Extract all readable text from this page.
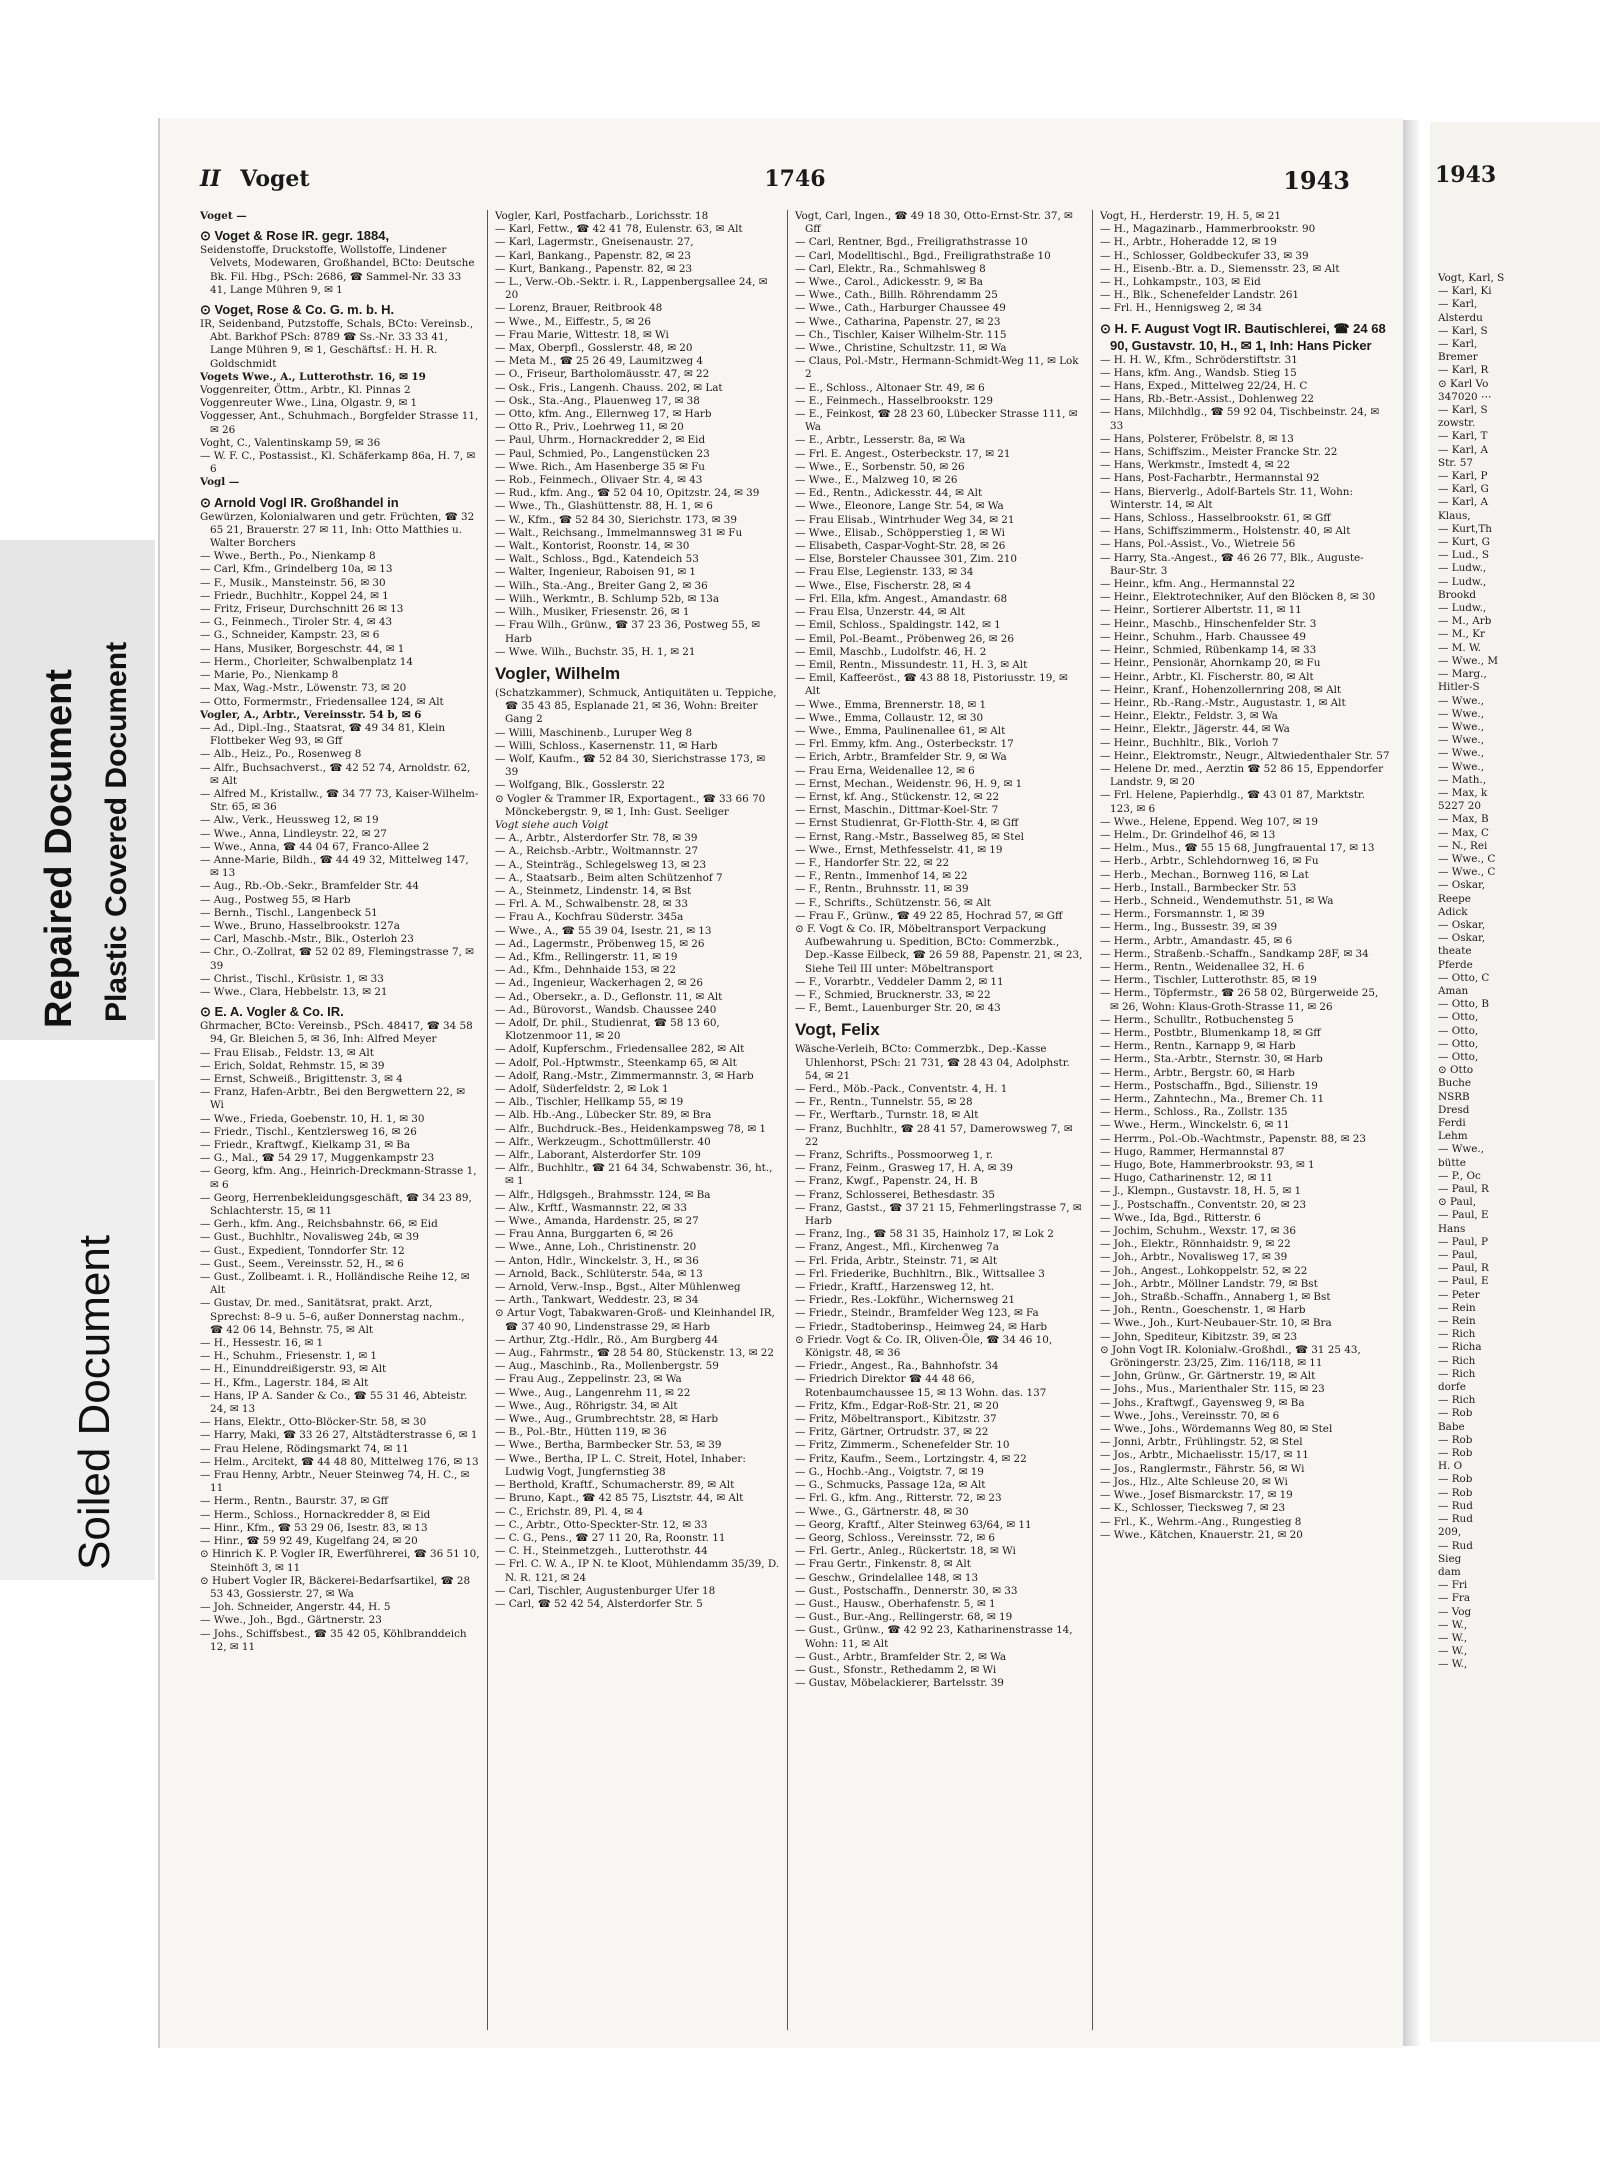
Repaired Document Plastic Covered Document
Soiled Document
II Voget	1746	1943
Voget —
⊙ Voget & Rose IR. gegr. 1884,
Seidenstoffe, Druckstoffe, Wollstoffe, Lindener Velvets, Modewaren, Großhandel, BCto: Deutsche Bk. Fil. Hbg., PSch: 2686, ☎ Sammel-Nr. 33 33 41, Lange Mühren 9, ✉ 1
⊙ Voget, Rose & Co. G. m. b. H.
IR, Seidenband, Putzstoffe, Schals, BCto: Vereinsb., Abt. Barkhof PSch: 8789 ☎ Ss.-Nr. 33 33 41, Lange Mühren 9, ✉ 1, Geschäftsf.: H. H. R. Goldschmidt
Vogets Wwe., A., Lutterothstr. 16, ✉ 19
Voggenreiter, Öttm., Arbtr., Kl. Pinnas 2
Voggenreuter Wwe., Lina, Olgastr. 9, ✉ 1
Voggesser, Ant., Schuhmach., Borgfelder Strasse 11, ✉ 26
Voght, C., Valentinskamp 59, ✉ 36
— W. F. C., Postassist., Kl. Schäferkamp 86a, H. 7, ✉ 6
Vogl —
⊙ Arnold Vogl IR. Großhandel in
Gewürzen, Kolonialwaren und getr. Früchten, ☎ 32 65 21, Brauerstr. 27 ✉ 11, Inh: Otto Matthies u. Walter Borchers
— Wwe., Berth., Po., Nienkamp 8
— Carl, Kfm., Grindelberg 10a, ✉ 13
— F., Musik., Mansteinstr. 56, ✉ 30
— Friedr., Buchhltr., Koppel 24, ✉ 1
— Fritz, Friseur, Durchschnitt 26 ✉ 13
— G., Feinmech., Tiroler Str. 4, ✉ 43
— G., Schneider, Kampstr. 23, ✉ 6
— Hans, Musiker, Borgeschstr. 44, ✉ 1
— Herm., Chorleiter, Schwalbenplatz 14
— Marie, Po., Nienkamp 8
— Max, Wag.-Mstr., Löwenstr. 73, ✉ 20
— Otto, Formermstr., Friedensallee 124, ✉ Alt
Vogler, A., Arbtr., Vereinsstr. 54 b, ✉ 6
— Ad., Dipl.-Ing., Staatsrat, ☎ 49 34 81, Klein Flottbeker Weg 93, ✉ Gff
— Alb., Heiz., Po., Rosenweg 8
— Alfr., Buchsachverst., ☎ 42 52 74, Arnoldstr. 62, ✉ Alt
— Alfred M., Kristallw., ☎ 34 77 73, Kaiser-Wilhelm-Str. 65, ✉ 36
— Alw., Verk., Heussweg 12, ✉ 19
— Wwe., Anna, Lindleystr. 22, ✉ 27
— Wwe., Anna, ☎ 44 04 67, Franco-Allee 2
— Anne-Marie, Bildh., ☎ 44 49 32, Mittelweg 147, ✉ 13
— Aug., Rb.-Ob.-Sekr., Bramfelder Str. 44
— Aug., Postweg 55, ✉ Harb
— Bernh., Tischl., Langenbeck 51
— Wwe., Bruno, Hasselbrookstr. 127a
— Carl, Maschb.-Mstr., Blk., Osterloh 23
— Chr., O.-Zollrat, ☎ 52 02 89, Flemingstrasse 7, ✉ 39
— Christ., Tischl., Krüsistr. 1, ✉ 33
— Wwe., Clara, Hebbelstr. 13, ✉ 21
⊙ E. A. Vogler & Co. IR.
Ghrmacher, BCto: Vereinsb., PSch. 48417, ☎ 34 58 94, Gr. Bleichen 5, ✉ 36, Inh: Alfred Meyer
— Frau Elisab., Feldstr. 13, ✉ Alt
— Erich, Soldat, Rehmstr. 15, ✉ 39
— Ernst, Schweiß., Brigittenstr. 3, ✉ 4
— Franz, Hafen-Arbtr., Bei den Bergwettern 22, ✉ Wi
— Wwe., Frieda, Goebenstr. 10, H. 1, ✉ 30
— Friedr., Tischl., Kentzlersweg 16, ✉ 26
— Friedr., Kraftwgf., Kielkamp 31, ✉ Ba
— G., Mal., ☎ 54 29 17, Muggenkampstr 23
— Georg, kfm. Ang., Heinrich-Dreckmann-Strasse 1, ✉ 6
— Georg, Herrenbekleidungsgeschäft, ☎ 34 23 89, Schlachterstr. 15, ✉ 11
— Gerh., kfm. Ang., Reichsbahnstr. 66, ✉ Eid
— Gust., Buchhltr., Novalisweg 24b, ✉ 39
— Gust., Expedient, Tonndorfer Str. 12
— Gust., Seem., Vereinsstr. 52, H., ✉ 6
— Gust., Zollbeamt. i. R., Holländische Reihe 12, ✉ Alt
— Gustav, Dr. med., Sanitätsrat, prakt. Arzt, Sprechst: 8–9 u. 5–6, außer Donnerstag nachm., ☎ 42 06 14, Behnstr. 75, ✉ Alt
— H., Hessestr. 16, ✉ 1
— H., Schuhm., Friesenstr. 1, ✉ 1
— H., Einunddreißigerstr. 93, ✉ Alt
— H., Kfm., Lagerstr. 184, ✉ Alt
— Hans, IP A. Sander & Co., ☎ 55 31 46, Abteistr. 24, ✉ 13
— Hans, Elektr., Otto-Blöcker-Str. 58, ✉ 30
— Harry, Maki, ☎ 33 26 27, Altstädterstrasse 6, ✉ 1
— Frau Helene, Rödingsmarkt 74, ✉ 11
— Helm., Arcitekt, ☎ 44 48 80, Mittelweg 176, ✉ 13
— Frau Henny, Arbtr., Neuer Steinweg 74, H. C., ✉ 11
— Herm., Rentn., Baurstr. 37, ✉ Gff
— Herm., Schloss., Hornackredder 8, ✉ Eid
— Hinr., Kfm., ☎ 53 29 06, Isestr. 83, ✉ 13
— Hinr., ☎ 59 92 49, Kugelfang 24, ✉ 20
⊙ Hinrich K. P. Vogler IR, Ewerführerei, ☎ 36 51 10, Steinhöft 3, ✉ 11
⊙ Hubert Vogler IR, Bäckerei-Bedarfsartikel, ☎ 28 53 43, Gossierstr. 27, ✉ Wa
— Joh. Schneider, Angerstr. 44, H. 5
— Wwe., Joh., Bgd., Gärtnerstr. 23
— Johs., Schiffsbest., ☎ 35 42 05, Köhlbranddeich 12, ✉ 11
Vogler, Karl, Postfacharb., Lorichsstr. 18
— Karl, Fettw., ☎ 42 41 78, Eulenstr. 63, ✉ Alt
— Karl, Lagermstr., Gneisenaustr. 27,
— Karl, Bankang., Papenstr. 82, ✉ 23
— Kurt, Bankang., Papenstr. 82, ✉ 23
— L., Verw.-Ob.-Sektr. i. R., Lappenbergsallee 24, ✉ 20
— Lorenz, Brauer, Reitbrook 48
— Wwe., M., Eiffestr., 5, ✉ 26
— Frau Marie, Wittestr. 18, ✉ Wi
— Max, Oberpfl., Gosslerstr. 48, ✉ 20
— Meta M., ☎ 25 26 49, Laumitzweg 4
— O., Friseur, Bartholomäusstr. 47, ✉ 22
— Osk., Fris., Langenh. Chauss. 202, ✉ Lat
— Osk., Sta.-Ang., Plauenweg 17, ✉ 38
— Otto, kfm. Ang., Ellernweg 17, ✉ Harb
— Otto R., Priv., Loehrweg 11, ✉ 20
— Paul, Uhrm., Hornackredder 2, ✉ Eid
— Paul, Schmied, Po., Langenstücken 23
— Wwe. Rich., Am Hasenberge 35 ✉ Fu
— Rob., Feinmech., Olivaer Str. 4, ✉ 43
— Rud., kfm. Ang., ☎ 52 04 10, Opitzstr. 24, ✉ 39
— Wwe., Th., Glashüttenstr. 88, H. 1, ✉ 6
— W., Kfm., ☎ 52 84 30, Sierichstr. 173, ✉ 39
— Walt., Reichsang., Immelmannsweg 31 ✉ Fu
— Walt., Kontorist, Roonstr. 14, ✉ 30
— Walt., Schloss., Bgd., Katendeich 53
— Walter, Ingenieur, Raboisen 91, ✉ 1
— Wilh., Sta.-Ang., Breiter Gang 2, ✉ 36
— Wilh., Werkmtr., B. Schlump 52b, ✉ 13a
— Wilh., Musiker, Friesenstr. 26, ✉ 1
— Frau Wilh., Grünw., ☎ 37 23 36, Postweg 55, ✉ Harb
— Wwe. Wilh., Buchstr. 35, H. 1, ✉ 21
Vogler, Wilhelm
(Schatzkammer), Schmuck, Antiquitäten u. Teppiche, ☎ 35 43 85, Esplanade 21, ✉ 36, Wohn: Breiter Gang 2
— Willi, Maschinenb., Luruper Weg 8
— Willi, Schloss., Kasernenstr. 11, ✉ Harb
— Wolf, Kaufm., ☎ 52 84 30, Sierichstrasse 173, ✉ 39
— Wolfgang, Blk., Gosslerstr. 22
⊙ Vogler & Trammer IR, Exportagent., ☎ 33 66 70 Mönckebergstr. 9, ✉ 1, Inh: Gust. Seeliger
Vogt siehe auch Voigt
— A., Arbtr., Alsterdorfer Str. 78, ✉ 39
— A., Reichsb.-Arbtr., Woltmannstr. 27
— A., Steinträg., Schlegelsweg 13, ✉ 23
— A., Staatsarb., Beim alten Schützenhof 7
— A., Steinmetz, Lindenstr. 14, ✉ Bst
— Frl. A. M., Schwalbenstr. 28, ✉ 33
— Frau A., Kochfrau Süderstr. 345a
— Wwe., A., ☎ 55 39 04, Isestr. 21, ✉ 13
— Ad., Lagermstr., Pröbenweg 15, ✉ 26
— Ad., Kfm., Rellingerstr. 11, ✉ 19
— Ad., Kfm., Dehnhaide 153, ✉ 22
— Ad., Ingenieur, Wackerhagen 2, ✉ 26
— Ad., Obersekr., a. D., Geflonstr. 11, ✉ Alt
— Ad., Bürovorst., Wandsb. Chaussee 240
— Adolf, Dr. phil., Studienrat, ☎ 58 13 60, Klotzenmoor 11, ✉ 20
— Adolf, Kupferschm., Friedensallee 282, ✉ Alt
— Adolf, Pol.-Hptwmstr., Steenkamp 65, ✉ Alt
— Adolf, Rang.-Mstr., Zimmermannstr. 3, ✉ Harb
— Adolf, Süderfeldstr. 2, ✉ Lok 1
— Alb., Tischler, Hellkamp 55, ✉ 19
— Alb. Hb.-Ang., Lübecker Str. 89, ✉ Bra
— Alfr., Buchdruck.-Bes., Heidenkampsweg 78, ✉ 1
— Alfr., Werkzeugm., Schottmüllerstr. 40
— Alfr., Laborant, Alsterdorfer Str. 109
— Alfr., Buchhltr., ☎ 21 64 34, Schwabenstr. 36, ht., ✉ 1
— Alfr., Hdlgsgeh., Brahmsstr. 124, ✉ Ba
— Alw., Krftf., Wasmannstr. 22, ✉ 33
— Wwe., Amanda, Hardenstr. 25, ✉ 27
— Frau Anna, Burggarten 6, ✉ 26
— Wwe., Anne, Loh., Christinenstr. 20
— Anton, Hdlr., Winckelstr. 3, H., ✉ 36
— Arnold, Back., Schlüterstr. 54a, ✉ 13
— Arnold, Verw.-Insp., Bgst., Alter Mühlenweg
— Arth., Tankwart, Weddestr. 23, ✉ 34
⊙ Artur Vogt, Tabakwaren-Groß- und Kleinhandel IR, ☎ 37 40 90, Lindenstrasse 29, ✉ Harb
— Arthur, Ztg.-Hdlr., Rö., Am Burgberg 44
— Aug., Fahrmstr., ☎ 28 54 80, Stückenstr. 13, ✉ 22
— Aug., Maschinb., Ra., Mollenbergstr. 59
— Frau Aug., Zeppelinstr. 23, ✉ Wa
— Wwe., Aug., Langenrehm 11, ✉ 22
— Wwe., Aug., Röhrigstr. 34, ✉ Alt
— Wwe., Aug., Grumbrechtstr. 28, ✉ Harb
— B., Pol.-Btr., Hütten 119, ✉ 36
— Wwe., Bertha, Barmbecker Str. 53, ✉ 39
— Wwe., Bertha, IP L. C. Streit, Hotel, Inhaber: Ludwig Vogt, Jungfernstieg 38
— Berthold, Kraftf., Schumacherstr. 89, ✉ Alt
— Bruno, Kapt., ☎ 42 85 75, Lisztstr. 44, ✉ Alt
— C., Erichstr. 89, Pl. 4, ✉ 4
— C., Arbtr., Otto-Speckter-Str. 12, ✉ 33
— C. G., Pens., ☎ 27 11 20, Ra, Roonstr. 11
— C. H., Steinmetzgeh., Lutterothstr. 44
— Frl. C. W. A., IP N. te Kloot, Mühlendamm 35/39, D. N. R. 121, ✉ 24
— Carl, Tischler, Augustenburger Ufer 18
— Carl, ☎ 52 42 54, Alsterdorfer Str. 5
Vogt, Carl, Ingen., ☎ 49 18 30, Otto-Ernst-Str. 37, ✉ Gff
— Carl, Rentner, Bgd., Freiligrathstrasse 10
— Carl, Modelltischl., Bgd., Freiligrathstraße 10
— Carl, Elektr., Ra., Schmahlsweg 8
— Wwe., Carol., Adickesstr. 9, ✉ Ba
— Wwe., Cath., Billh. Röhrendamm 25
— Wwe., Cath., Harburger Chaussee 49
— Wwe., Catharina, Papenstr. 27, ✉ 23
— Ch., Tischler, Kaiser Wilhelm-Str. 115
— Wwe., Christine, Schultzstr. 11, ✉ Wa
— Claus, Pol.-Mstr., Hermann-Schmidt-Weg 11, ✉ Lok 2
— E., Schloss., Altonaer Str. 49, ✉ 6
— E., Feinmech., Hasselbrookstr. 129
— E., Feinkost, ☎ 28 23 60, Lübecker Strasse 111, ✉ Wa
— E., Arbtr., Lesserstr. 8a, ✉ Wa
— Frl. E. Angest., Osterbeckstr. 17, ✉ 21
— Wwe., E., Sorbenstr. 50, ✉ 26
— Wwe., E., Malzweg 10, ✉ 26
— Ed., Rentn., Adickesstr. 44, ✉ Alt
— Wwe., Eleonore, Lange Str. 54, ✉ Wa
— Frau Elisab., Wintrhuder Weg 34, ✉ 21
— Wwe., Elisab., Schöpperstieg 1, ✉ Wi
— Elisabeth, Caspar-Voght-Str. 28, ✉ 26
— Else, Borsteler Chaussee 301, Zim. 210
— Frau Else, Legienstr. 133, ✉ 34
— Wwe., Else, Fischerstr. 28, ✉ 4
— Frl. Ella, kfm. Angest., Amandastr. 68
— Frau Elsa, Unzerstr. 44, ✉ Alt
— Emil, Schloss., Spaldingstr. 142, ✉ 1
— Emil, Pol.-Beamt., Pröbenweg 26, ✉ 26
— Emil, Maschb., Ludolfstr. 46, H. 2
— Emil, Rentn., Missundestr. 11, H. 3, ✉ Alt
— Emil, Kaffeeröst., ☎ 43 88 18, Pistoriusstr. 19, ✉ Alt
— Wwe., Emma, Brennerstr. 18, ✉ 1
— Wwe., Emma, Collaustr. 12, ✉ 30
— Wwe., Emma, Paulinenallee 61, ✉ Alt
— Frl. Emmy, kfm. Ang., Osterbeckstr. 17
— Erich, Arbtr., Bramfelder Str. 9, ✉ Wa
— Frau Erna, Weidenallee 12, ✉ 6
— Ernst, Mechan., Weidenstr. 96, H. 9, ✉ 1
— Ernst, kf. Ang., Stückenstr. 12, ✉ 22
— Ernst, Maschin., Dittmar-Koel-Str. 7
— Ernst Studienrat, Gr-Flotth-Str. 4, ✉ Gff
— Ernst, Rang.-Mstr., Basselweg 85, ✉ Stel
— Wwe., Ernst, Methfesselstr. 41, ✉ 19
— F., Handorfer Str. 22, ✉ 22
— F., Rentn., Immenhof 14, ✉ 22
— F., Rentn., Bruhnsstr. 11, ✉ 39
— F., Schrifts., Schützenstr. 56, ✉ Alt
— Frau F., Grünw., ☎ 49 22 85, Hochrad 57, ✉ Gff
⊙ F. Vogt & Co. IR, Möbeltransport Verpackung Aufbewahrung u. Spedition, BCto: Commerzbk., Dep.-Kasse Eilbeck, ☎ 26 59 88, Papenstr. 21, ✉ 23, Siehe Teil III unter: Möbeltransport
— F., Vorarbtr., Veddeler Damm 2, ✉ 11
— F., Schmied, Brucknerstr. 33, ✉ 22
— F., Bemt., Lauenburger Str. 20, ✉ 43
Vogt, Felix
Wäsche-Verleih, BCto: Commerzbk., Dep.-Kasse Uhlenhorst, PSch: 21 731, ☎ 28 43 04, Adolphstr. 54, ✉ 21
— Ferd., Möb.-Pack., Conventstr. 4, H. 1
— Fr., Rentn., Tunnelstr. 55, ✉ 28
— Fr., Werftarb., Turnstr. 18, ✉ Alt
— Franz, Buchhltr., ☎ 28 41 57, Damerowsweg 7, ✉ 22
— Franz, Schrifts., Possmoorweg 1, r.
— Franz, Feinm., Grasweg 17, H. A, ✉ 39
— Franz, Kwgf., Papenstr. 24, H. B
— Franz, Schlosserei, Bethesdastr. 35
— Franz, Gastst., ☎ 37 21 15, Fehmerlingstrasse 7, ✉ Harb
— Franz, Ing., ☎ 58 31 35, Hainholz 17, ✉ Lok 2
— Franz, Angest., Mfl., Kirchenweg 7a
— Frl. Frida, Arbtr., Steinstr. 71, ✉ Alt
— Frl. Friederike, Buchhltrn., Blk., Wittsallee 3
— Friedr., Kraftf., Harzensweg 12, ht.
— Friedr., Res.-Lokführ., Wichernsweg 21
— Friedr., Steindr., Bramfelder Weg 123, ✉ Fa
— Friedr., Stadtoberinsp., Heimweg 24, ✉ Harb
⊙ Friedr. Vogt & Co. IR, Oliven-Öle, ☎ 34 46 10, Königstr. 48, ✉ 36
— Friedr., Angest., Ra., Bahnhofstr. 34
— Friedrich Direktor ☎ 44 48 66, Rotenbaumchaussee 15, ✉ 13 Wohn. das. 137
— Fritz, Kfm., Edgar-Roß-Str. 21, ✉ 20
— Fritz, Möbeltransport., Kibitzstr. 37
— Fritz, Gärtner, Ortrudstr. 37, ✉ 22
— Fritz, Zimmerm., Schenefelder Str. 10
— Fritz, Kaufm., Seem., Lortzingstr. 4, ✉ 22
— G., Hochb.-Ang., Voigtstr. 7, ✉ 19
— G., Schmucks, Passage 12a, ✉ Alt
— Frl. G., kfm. Ang., Ritterstr. 72, ✉ 23
— Wwe., G., Gärtnerstr. 48, ✉ 30
— Georg, Kraftf., Alter Steinweg 63/64, ✉ 11
— Georg, Schloss., Vereinsstr. 72, ✉ 6
— Frl. Gertr., Anleg., Rückertstr. 18, ✉ Wi
— Frau Gertr., Finkenstr. 8, ✉ Alt
— Geschw., Grindelallee 148, ✉ 13
— Gust., Postschaffn., Dennerstr. 30, ✉ 33
— Gust., Hausw., Oberhafenstr. 5, ✉ 1
— Gust., Bur.-Ang., Rellingerstr. 68, ✉ 19
— Gust., Grünw., ☎ 42 92 23, Katharinenstrasse 14, Wohn: 11, ✉ Alt
— Gust., Arbtr., Bramfelder Str. 2, ✉ Wa
— Gust., Sfonstr., Rethedamm 2, ✉ Wi
— Gustav, Möbelackierer, Bartelsstr. 39
Vogt, H., Herderstr. 19, H. 5, ✉ 21
— H., Magazinarb., Hammerbrookstr. 90
— H., Arbtr., Hoheradde 12, ✉ 19
— H., Schlosser, Goldbeckufer 33, ✉ 39
— H., Eisenb.-Btr. a. D., Siemensstr. 23, ✉ Alt
— H., Lohkampstr., 103, ✉ Eid
— H., Blk., Schenefelder Landstr. 261
— Frl. H., Hennigsweg 2, ✉ 34
⊙ H. F. August Vogt IR. Bautischlerei, ☎ 24 68 90, Gustavstr. 10, H., ✉ 1, Inh: Hans Picker
— H. H. W., Kfm., Schröderstiftstr. 31
— Hans, kfm. Ang., Wandsb. Stieg 15
— Hans, Exped., Mittelweg 22/24, H. C
— Hans, Rb.-Betr.-Assist., Dohlenweg 22
— Hans, Milchhdlg., ☎ 59 92 04, Tischbeinstr. 24, ✉ 33
— Hans, Polsterer, Fröbelstr. 8, ✉ 13
— Hans, Schiffszim., Meister Francke Str. 22
— Hans, Werkmstr., Imstedt 4, ✉ 22
— Hans, Post-Facharbtr., Hermannstal 92
— Hans, Bierverlg., Adolf-Bartels Str. 11, Wohn: Winterstr. 14, ✉ Alt
— Hans, Schloss., Hasselbrookstr. 61, ✉ Gff
— Hans, Schiffszimmerm., Holstenstr. 40, ✉ Alt
— Hans, Pol.-Assist., Vo., Wietreie 56
— Harry, Sta.-Angest., ☎ 46 26 77, Blk., Auguste-Baur-Str. 3
— Heinr., kfm. Ang., Hermannstal 22
— Heinr., Elektrotechniker, Auf den Blöcken 8, ✉ 30
— Heinr., Sortierer Albertstr. 11, ✉ 11
— Heinr., Maschb., Hinschenfelder Str. 3
— Heinr., Schuhm., Harb. Chaussee 49
— Heinr., Schmied, Rübenkamp 14, ✉ 33
— Heinr., Pensionär, Ahornkamp 20, ✉ Fu
— Heinr., Arbtr., Kl. Fischerstr. 80, ✉ Alt
— Heinr., Kranf., Hohenzollernring 208, ✉ Alt
— Heinr., Rb.-Rang.-Mstr., Augustastr. 1, ✉ Alt
— Heinr., Elektr., Feldstr. 3, ✉ Wa
— Heinr., Elektr., Jägerstr. 44, ✉ Wa
— Heinr., Buchhltr., Blk., Vorloh 7
— Heinr., Elektromstr., Neugr., Altwiedenthaler Str. 57
— Helene Dr. med., Aerztin ☎ 52 86 15, Eppendorfer Landstr. 9, ✉ 20
— Frl. Helene, Papierhdlg., ☎ 43 01 87, Marktstr. 123, ✉ 6
— Wwe., Helene, Eppend. Weg 107, ✉ 19
— Helm., Dr. Grindelhof 46, ✉ 13
— Helm., Mus., ☎ 55 15 68, Jungfrauental 17, ✉ 13
— Herb., Arbtr., Schlehdornweg 16, ✉ Fu
— Herb., Mechan., Bornweg 116, ✉ Lat
— Herb., Install., Barmbecker Str. 53
— Herb., Schneid., Wendemuthstr. 51, ✉ Wa
— Herm., Forsmannstr. 1, ✉ 39
— Herm., Ing., Bussestr. 39, ✉ 39
— Herm., Arbtr., Amandastr. 45, ✉ 6
— Herm., Straßenb.-Schaffn., Sandkamp 28F, ✉ 34
— Herm., Rentn., Weidenallee 32, H. 6
— Herm., Tischler, Lutterothstr. 85, ✉ 19
— Herm., Töpfermstr., ☎ 26 58 02, Bürgerweide 25, ✉ 26, Wohn: Klaus-Groth-Strasse 11, ✉ 26
— Herm., Schulltr., Rotbuchensteg 5
— Herm., Postbtr., Blumenkamp 18, ✉ Gff
— Herm., Rentn., Karnapp 9, ✉ Harb
— Herm., Sta.-Arbtr., Sternstr. 30, ✉ Harb
— Herm., Arbtr., Bergstr. 60, ✉ Harb
— Herm., Postschaffn., Bgd., Silienstr. 19
— Herm., Zahntechn., Ma., Bremer Ch. 11
— Herm., Schloss., Ra., Zollstr. 135
— Wwe., Herm., Winckelstr. 6, ✉ 11
— Herrm., Pol.-Ob.-Wachtmstr., Papenstr. 88, ✉ 23
— Hugo, Rammer, Hermannstal 87
— Hugo, Bote, Hammerbrookstr. 93, ✉ 1
— Hugo, Catharinenstr. 12, ✉ 11
— J., Klempn., Gustavstr. 18, H. 5, ✉ 1
— J., Postschaffn., Conventstr. 20, ✉ 23
— Wwe., Ida, Bgd., Ritterstr. 6
— Jochim, Schuhm., Wexstr. 17, ✉ 36
— Joh., Elektr., Rönnhaidstr. 9, ✉ 22
— Joh., Arbtr., Novalisweg 17, ✉ 39
— Joh., Angest., Lohkoppelstr. 52, ✉ 22
— Joh., Arbtr., Möllner Landstr. 79, ✉ Bst
— Joh., Straßb.-Schaffn., Annaberg 1, ✉ Bst
— Joh., Rentn., Goeschenstr. 1, ✉ Harb
— Wwe., Joh., Kurt-Neubauer-Str. 10, ✉ Bra
— John, Spediteur, Kibitzstr. 39, ✉ 23
⊙ John Vogt IR. Kolonialw.-Großhdl., ☎ 31 25 43, Gröningerstr. 23/25, Zim. 116/118, ✉ 11
— John, Grünw., Gr. Gärtnerstr. 19, ✉ Alt
— Johs., Mus., Marienthaler Str. 115, ✉ 23
— Johs., Kraftwgf., Gayensweg 9, ✉ Ba
— Wwe., Johs., Vereinsstr. 70, ✉ 6
— Wwe., Johs., Wördemanns Weg 80, ✉ Stel
— Jonni, Arbtr., Frühlingstr. 52, ✉ Stel
— Jos., Arbtr., Michaelisstr. 15/17, ✉ 11
— Jos., Ranglermstr., Fährstr. 56, ✉ Wi
— Jos., Hlz., Alte Schleuse 20, ✉ Wi
— Wwe., Josef Bismarckstr. 17, ✉ 19
— K., Schlosser, Tiecksweg 7, ✉ 23
— Frl., K., Wehrm.-Ang., Rungestieg 8
— Wwe., Kätchen, Knauerstr. 21, ✉ 20
1943
Vogt, Karl, S
— Karl, Ki
— Karl,
Alsterdu
— Karl, S
— Karl,
Bremer
— Karl, R
⊙ Karl Vo
347020 ⋯
— Karl, S
zowstr.
— Karl, T
— Karl, A
Str. 57
— Karl, P
— Karl, G
— Karl, A
Klaus,
— Kurt,Th
— Kurt, G
— Lud., S
— Ludw.,
— Ludw.,
Brookd
— Ludw.,
— M., Arb
— M., Kr
— M. W.
— Wwe., M
— Marg.,
Hitler-S
— Wwe.,
— Wwe.,
— Wwe.,
— Wwe.,
— Wwe.,
— Wwe.,
— Math.,
— Max, k
5227 20
— Max, B
— Max, C
— N., Rei
— Wwe., C
— Wwe., C
— Oskar,
Reepe
Adick
— Oskar,
— Oskar,
theate
Pferde
— Otto, C
Aman
— Otto, B
— Otto,
— Otto,
— Otto,
— Otto,
⊙ Otto
Buche
NSRB
Dresd
Ferdi
Lehm
— Wwe.,
bütte
— P., Oc
— Paul, R
⊙ Paul,
— Paul, E
Hans
— Paul, P
— Paul,
— Paul, R
— Paul, E
— Peter
— Rein
— Rein
— Rich
— Richa
— Rich
— Rich
dorfe
— Rich
— Rob
Babe
— Rob
— Rob
H. O
— Rob
— Rob
— Rud
— Rud
209,
— Rud
Sieg
dam
— Fri
— Fra
— Vog
— W.,
— W.,
— W.,
— W.,
